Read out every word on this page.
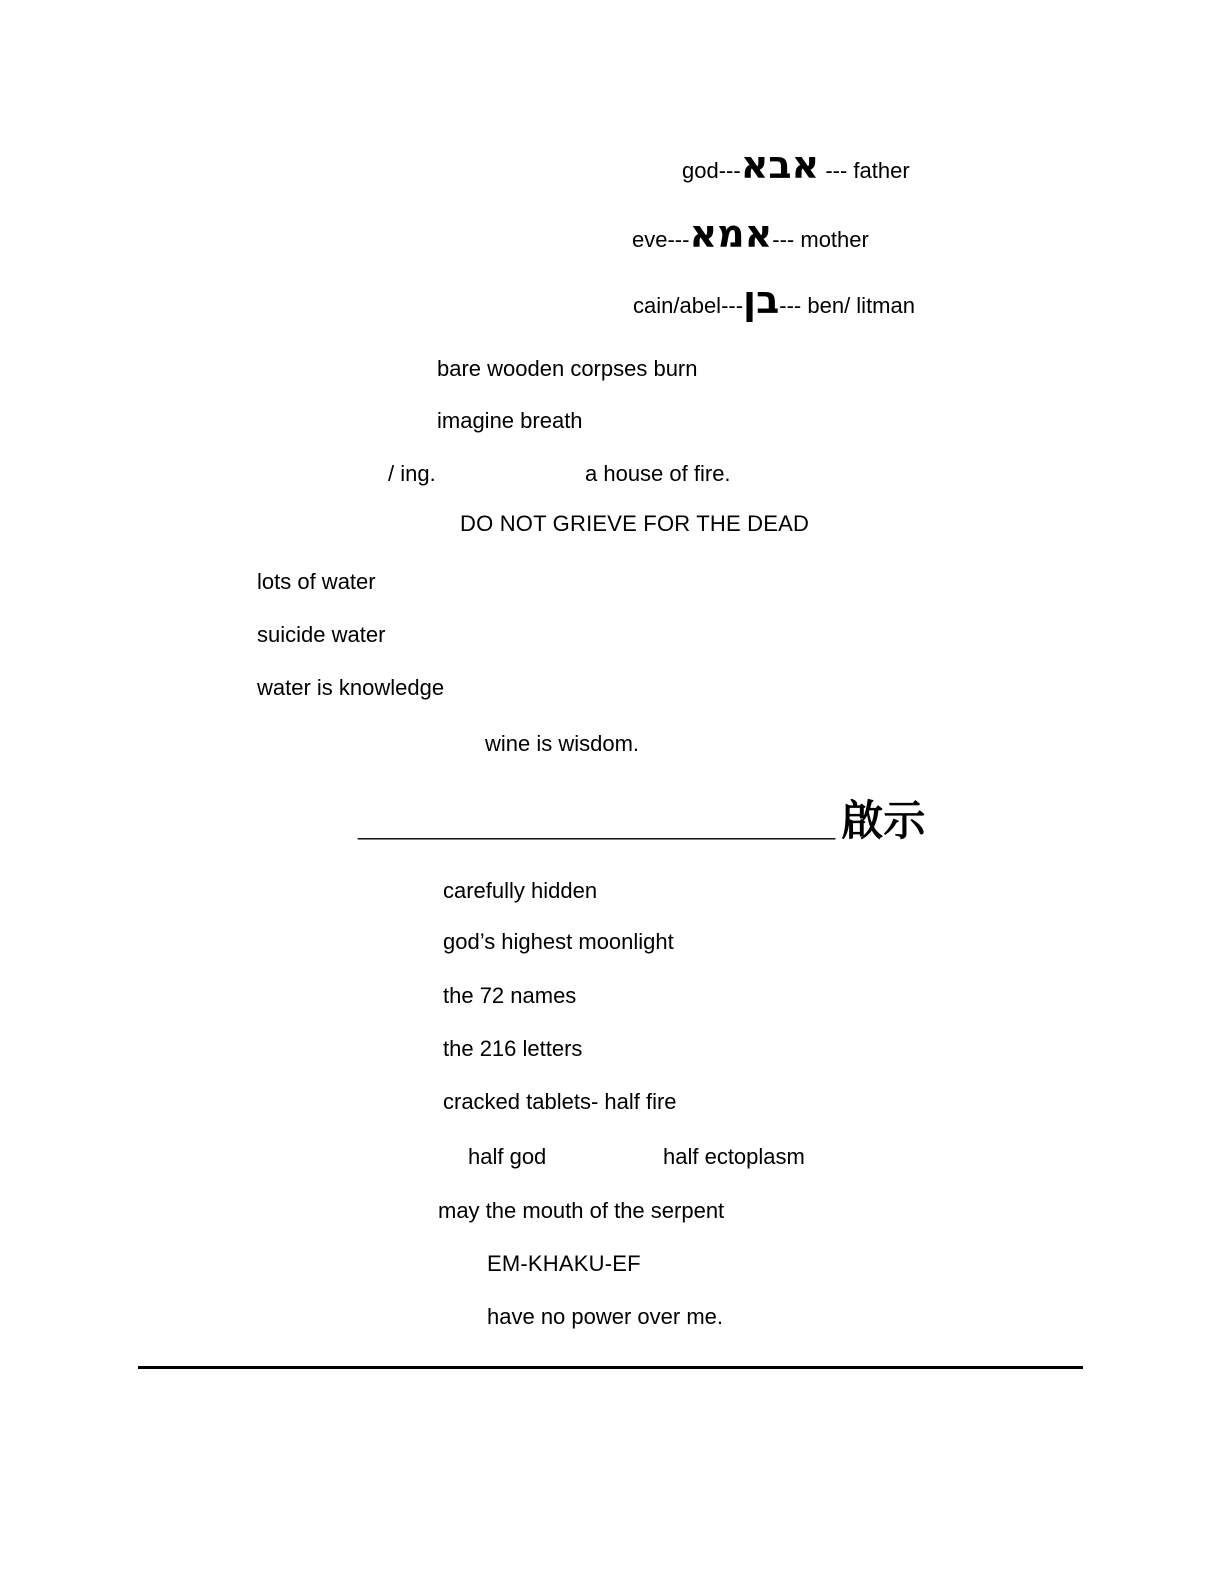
god---אבא --- father
eve---אמא--- mother
cain/abel---בן--- ben/ litman
bare wooden corpses burn
imagine breath
/ ing.	a house of fire.
DO NOT GRIEVE FOR THE DEAD
lots of water
suicide water
water is knowledge
wine is wisdom.
_______________________________________ 啟示
carefully hidden
god’s highest moonlight
the 72 names
the 216 letters
cracked tablets- half fire
half god	half ectoplasm
may the mouth of the serpent
EM-KHAKU-EF
have no power over me.
